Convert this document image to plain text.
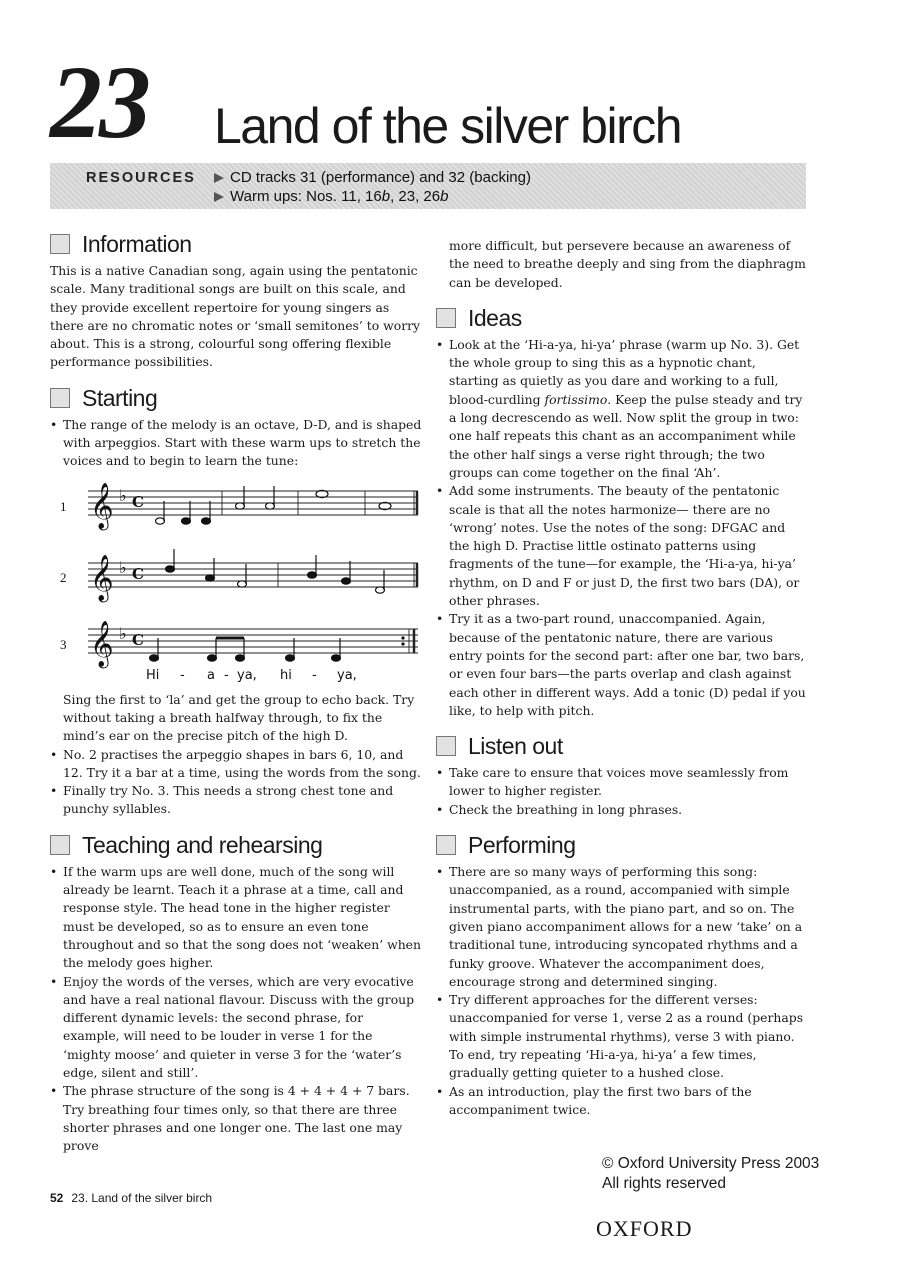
23 Land of the silver birch
RESOURCES	CD tracks 31 (performance) and 32 (backing)
Warm ups: Nos. 11, 16b, 23, 26b
Information

This is a native Canadian song, again using the pentatonic scale. Many traditional songs are built on this scale, and they provide excellent repertoire for young singers as there are no chromatic notes or ‘small semitones’ to worry about. This is a strong, colourful song offering flexible performance possibilities.

Starting
• The range of the melody is an octave, D-D, and is shaped with arpeggios. Start with these warm ups to stretch the voices and to begin to learn the tune:
1
2
3
𝄞 ♭ C
𝄞 ♭ C
𝄞 ♭ C
Hi - a - ya, hi - ya,

Sing the first to ‘la’ and get the group to echo back. Try without taking a breath halfway through, to fix the mind’s ear on the precise pitch of the high D.

• No. 2 practises the arpeggio shapes in bars 6, 10, and 12. Try it a bar at a time, using the words from the song.
• Finally try No. 3. This needs a strong chest tone and punchy syllables.
Teaching and rehearsing
• If the warm ups are well done, much of the song will already be learnt. Teach it a phrase at a time, call and response style. The head tone in the higher register must be developed, so as to ensure an even tone throughout and so that the song does not ‘weaken’ when the melody goes higher.
• Enjoy the words of the verses, which are very evocative and have a real national flavour. Discuss with the group different dynamic levels: the second phrase, for example, will need to be louder in verse 1 for the ‘mighty moose’ and quieter in verse 3 for the ‘water’s edge, silent and still’.
• The phrase structure of the song is 4 + 4 + 4 + 7 bars. Try breathing four times only, so that there are three shorter phrases and one longer one. The last one may prove

more difficult, but persevere because an awareness of the need to breathe deeply and sing from the diaphragm can be developed.

Ideas
• Look at the ‘Hi-a-ya, hi-ya’ phrase (warm up No. 3). Get the whole group to sing this as a hypnotic chant, starting as quietly as you dare and working to a full, blood-curdling fortissimo. Keep the pulse steady and try a long decrescendo as well. Now split the group in two: one half repeats this chant as an accompaniment while the other half sings a verse right through; the two groups can come together on the final ‘Ah’.
• Add some instruments. The beauty of the pentatonic scale is that all the notes harmonize— there are no ‘wrong’ notes. Use the notes of the song: DFGAC and the high D. Practise little ostinato patterns using fragments of the tune—for example, the ‘Hi-a-ya, hi-ya’ rhythm, on D and F or just D, the first two bars (DA), or other phrases.
• Try it as a two-part round, unaccompanied. Again, because of the pentatonic nature, there are various entry points for the second part: after one bar, two bars, or even four bars—the parts overlap and clash against each other in different ways. Add a tonic (D) pedal if you like, to help with pitch.
Listen out
• Take care to ensure that voices move seamlessly from lower to higher register.
• Check the breathing in long phrases.
Performing
• There are so many ways of performing this song: unaccompanied, as a round, accompanied with simple instrumental parts, with the piano part, and so on. The given piano accompaniment allows for a new ‘take’ on a traditional tune, introducing syncopated rhythms and a funky groove. Whatever the accompaniment does, encourage strong and determined singing.
• Try different approaches for the different verses: unaccompanied for verse 1, verse 2 as a round (perhaps with simple instrumental rhythms), verse 3 with piano. To end, try repeating ‘Hi-a-ya, hi-ya’ a few times, gradually getting quieter to a hushed close.
• As an introduction, play the first two bars of the accompaniment twice.
© Oxford University Press 2003
All rights reserved
52 23. Land of the silver birch
OXFORD
